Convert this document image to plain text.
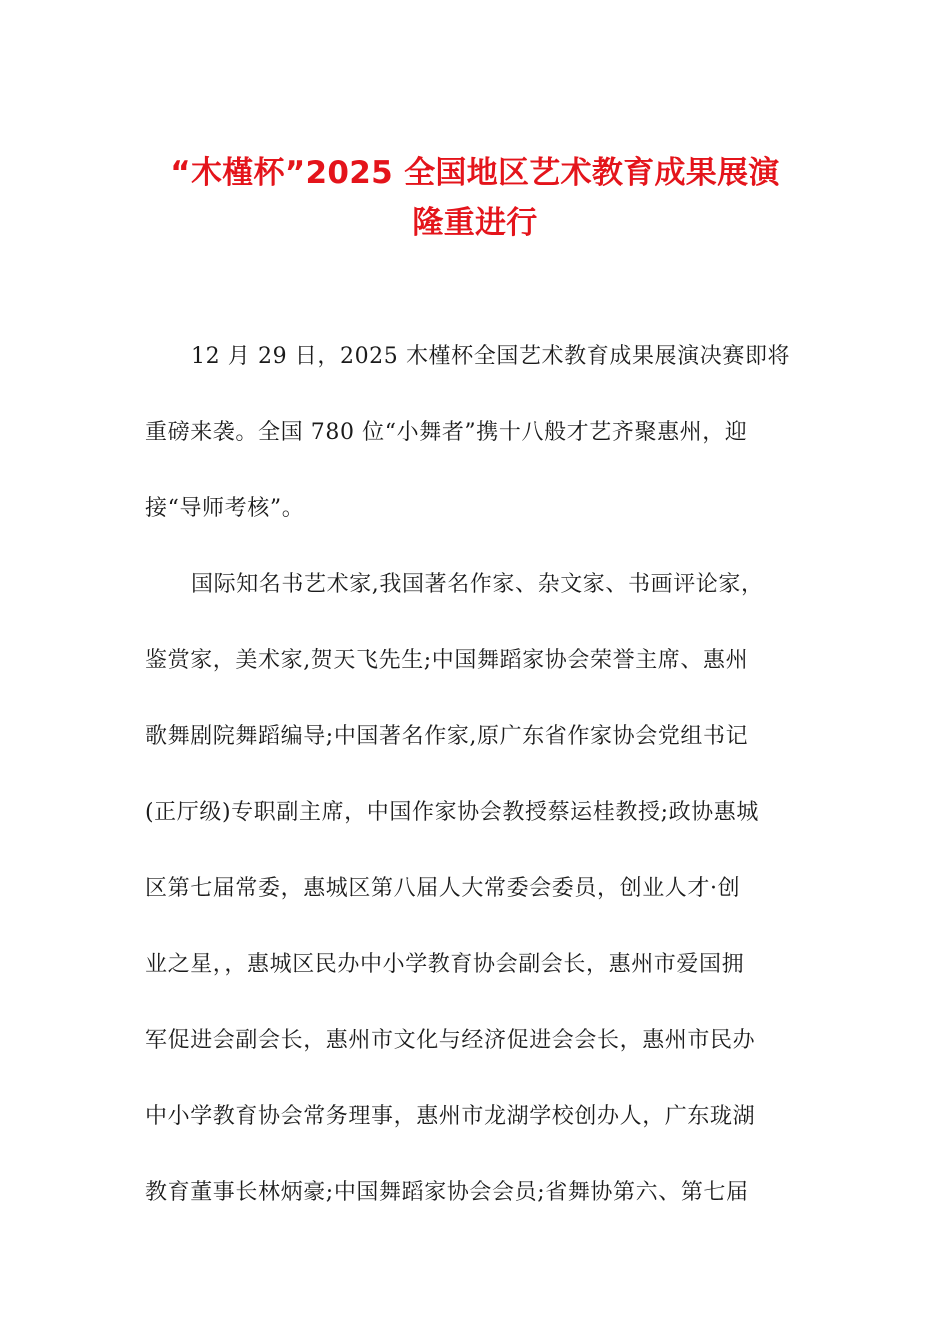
“木槿杯”2025 全国地区艺术教育成果展演
隆重进行
12 月 29 日，2025 木槿杯全国艺术教育成果展演决赛即将
重磅来袭。全国 780 位“小舞者”携十八般才艺齐聚惠州，迎
接“导师考核”。
国际知名书艺术家,我国著名作家、杂文家、书画评论家，
鉴赏家，美术家,贺天飞先生;中国舞蹈家协会荣誉主席、惠州
歌舞剧院舞蹈编导;中国著名作家,原广东省作家协会党组书记
(正厅级)专职副主席，中国作家协会教授蔡运桂教授;政协惠城
区第七届常委，惠城区第八届人大常委会委员，创业人才·创
业之星，，惠城区民办中小学教育协会副会长，惠州市爱国拥
军促进会副会长，惠州市文化与经济促进会会长，惠州市民办
中小学教育协会常务理事，惠州市龙湖学校创办人，广东珑湖
教育董事长林炳豪;中国舞蹈家协会会员;省舞协第六、第七届
